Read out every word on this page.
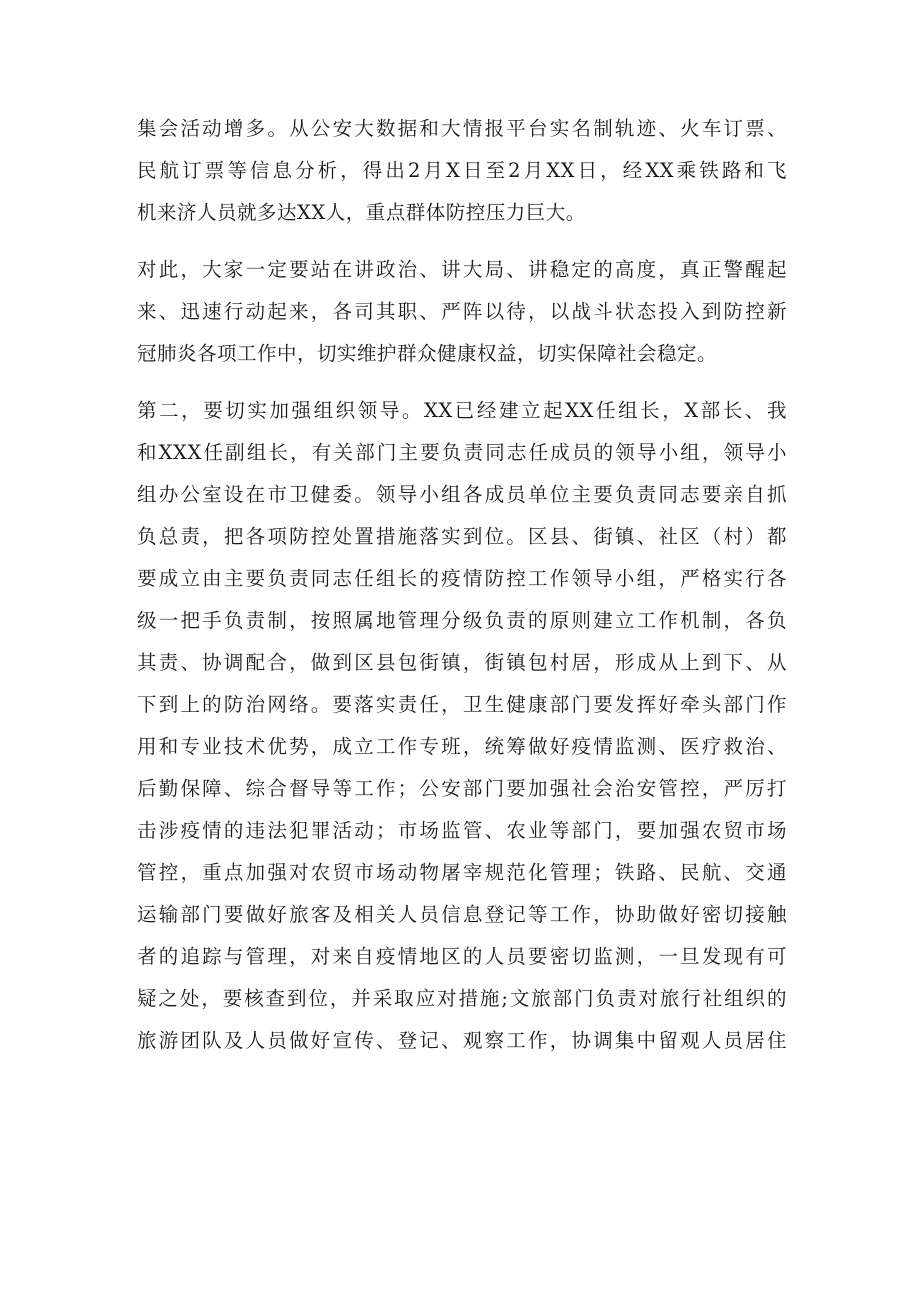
集会活动增多。从公安大数据和大情报平台实名制轨迹、火车订票、
民航订票等信息分析，得出2月X日至2月XX日，经XX乘铁路和飞
机来济人员就多达XX人，重点群体防控压力巨大。
对此，大家一定要站在讲政治、讲大局、讲稳定的高度，真正警醒起
来、迅速行动起来，各司其职、严阵以待，以战斗状态投入到防控新
冠肺炎各项工作中，切实维护群众健康权益，切实保障社会稳定。
第二，要切实加强组织领导。XX已经建立起XX任组长，X部长、我
和XXX任副组长，有关部门主要负责同志任成员的领导小组，领导小
组办公室设在市卫健委。领导小组各成员单位主要负责同志要亲自抓
负总责，把各项防控处置措施落实到位。区县、街镇、社区（村）都
要成立由主要负责同志任组长的疫情防控工作领导小组，严格实行各
级一把手负责制，按照属地管理分级负责的原则建立工作机制，各负
其责、协调配合，做到区县包街镇，街镇包村居，形成从上到下、从
下到上的防治网络。要落实责任，卫生健康部门要发挥好牵头部门作
用和专业技术优势，成立工作专班，统筹做好疫情监测、医疗救治、
后勤保障、综合督导等工作；公安部门要加强社会治安管控，严厉打
击涉疫情的违法犯罪活动；市场监管、农业等部门，要加强农贸市场
管控，重点加强对农贸市场动物屠宰规范化管理；铁路、民航、交通
运输部门要做好旅客及相关人员信息登记等工作，协助做好密切接触
者的追踪与管理，对来自疫情地区的人员要密切监测，一旦发现有可
疑之处，要核查到位，并采取应对措施;文旅部门负责对旅行社组织的
旅游团队及人员做好宣传、登记、观察工作，协调集中留观人员居住
